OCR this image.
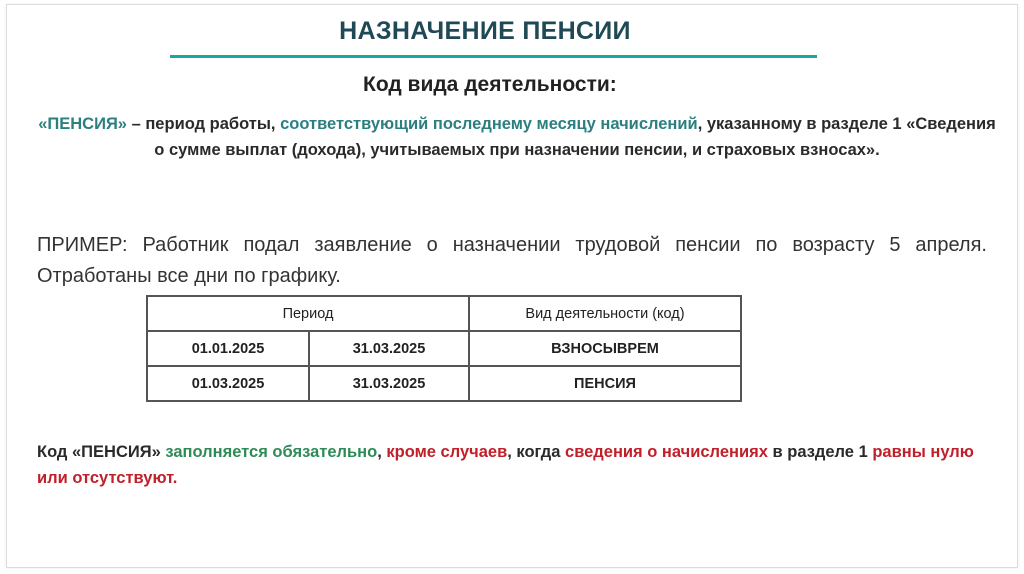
НАЗНАЧЕНИЕ ПЕНСИИ
Код вида деятельности:
«ПЕНСИЯ» – период работы, соответствующий последнему месяцу начислений, указанному в разделе 1 «Сведения о сумме выплат (дохода), учитываемых при назначении пенсии, и страховых взносах».
ПРИМЕР: Работник подал заявление о назначении трудовой пенсии по возрасту 5 апреля. Отработаны все дни по графику.
Период		Вид деятельности (код)
01.01.2025	31.03.2025	ВЗНОСЫВРЕМ
01.03.2025	31.03.2025	ПЕНСИЯ
Код «ПЕНСИЯ» заполняется обязательно, кроме случаев, когда сведения о начислениях в разделе 1 равны нулю или отсутствуют.
